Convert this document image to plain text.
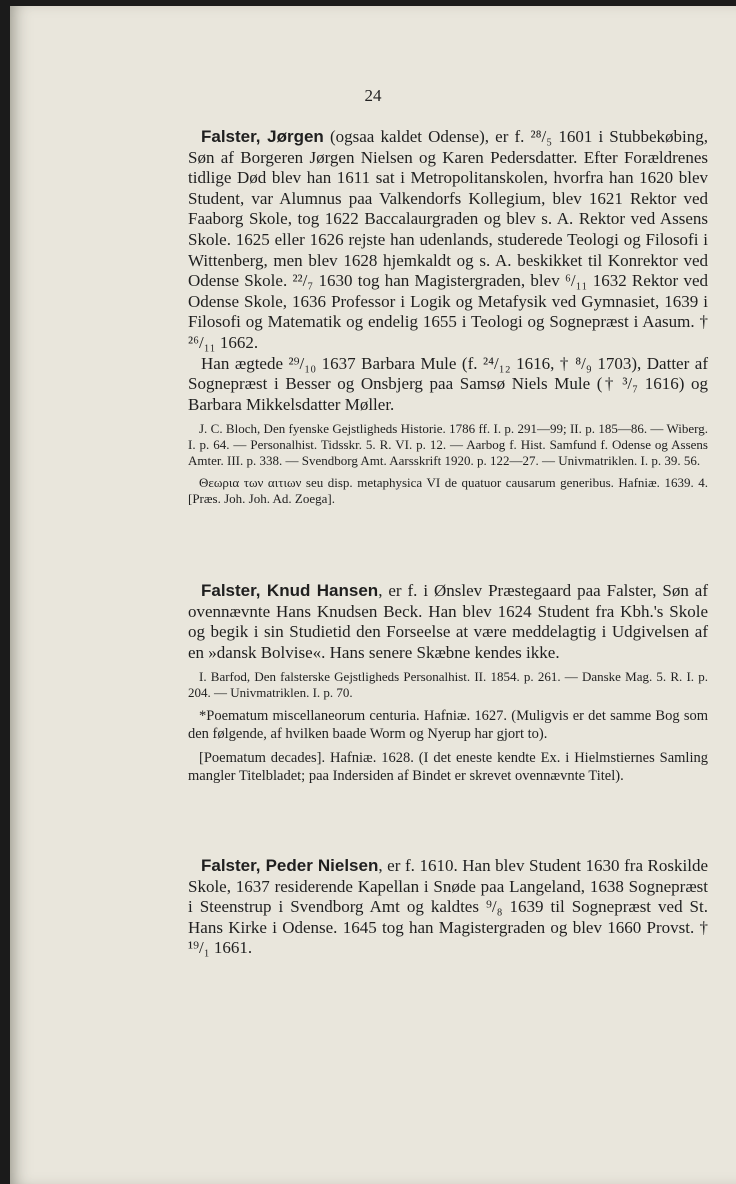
24

Falster, Jørgen (ogsaa kaldet Odense), er f. ²⁸/₅ 1601 i Stubbekøbing, Søn af Borgeren Jørgen Nielsen og Karen Pedersdatter. Efter Forældrenes tidlige Død blev han 1611 sat i Metropolitanskolen, hvorfra han 1620 blev Student, var Alumnus paa Valkendorfs Kollegium, blev 1621 Rektor ved Faaborg Skole, tog 1622 Baccalaurgraden og blev s. A. Rektor ved Assens Skole. 1625 eller 1626 rejste han udenlands, studerede Teologi og Filosofi i Wittenberg, men blev 1628 hjemkaldt og s. A. beskikket til Konrektor ved Odense Skole. ²²/₇ 1630 tog han Magistergraden, blev ⁶/₁₁ 1632 Rektor ved Odense Skole, 1636 Professor i Logik og Metafysik ved Gymnasiet, 1639 i Filosofi og Matematik og endelig 1655 i Teologi og Sognepræst i Aasum. † ²⁶/₁₁ 1662.
Han ægtede ²⁹/₁₀ 1637 Barbara Mule (f. ²⁴/₁₂ 1616, † ⁸/₉ 1703), Datter af Sognepræst i Besser og Onsbjerg paa Samsø Niels Mule († ³/₇ 1616) og Barbara Mikkelsdatter Møller.

J. C. Bloch, Den fyenske Gejstligheds Historie. 1786 ff. I. p. 291—99; II. p. 185—86. — Wiberg. I. p. 64. — Personalhist. Tidsskr. 5. R. VI. p. 12. — Aarbog f. Hist. Samfund f. Odense og Assens Amter. III. p. 338. — Svendborg Amt. Aarsskrift 1920. p. 122—27. — Univmatriklen. I. p. 39. 56.

Θεωρια των αιτιων seu disp. metaphysica VI de quatuor causarum generibus. Hafniæ. 1639. 4. [Præs. Joh. Joh. Ad. Zoega].

Falster, Knud Hansen, er f. i Ønslev Præstegaard paa Falster, Søn af ovennævnte Hans Knudsen Beck. Han blev 1624 Student fra Kbh.'s Skole og begik i sin Studietid den Forseelse at være meddelagtig i Udgivelsen af en »dansk Bolvise«. Hans senere Skæbne kendes ikke.

I. Barfod, Den falsterske Gejstligheds Personalhist. II. 1854. p. 261. — Danske Mag. 5. R. I. p. 204. — Univmatriklen. I. p. 70.

*Poematum miscellaneorum centuria. Hafniæ. 1627. (Muligvis er det samme Bog som den følgende, af hvilken baade Worm og Nyerup har gjort to).

[Poematum decades]. Hafniæ. 1628. (I det eneste kendte Ex. i Hielmstiernes Samling mangler Titelbladet; paa Indersiden af Bindet er skrevet ovennævnte Titel).

Falster, Peder Nielsen, er f. 1610. Han blev Student 1630 fra Roskilde Skole, 1637 residerende Kapellan i Snøde paa Langeland, 1638 Sognepræst i Steenstrup i Svendborg Amt og kaldtes ⁹/₈ 1639 til Sognepræst ved St. Hans Kirke i Odense. 1645 tog han Magistergraden og blev 1660 Provst. † ¹⁹/₁ 1661.
